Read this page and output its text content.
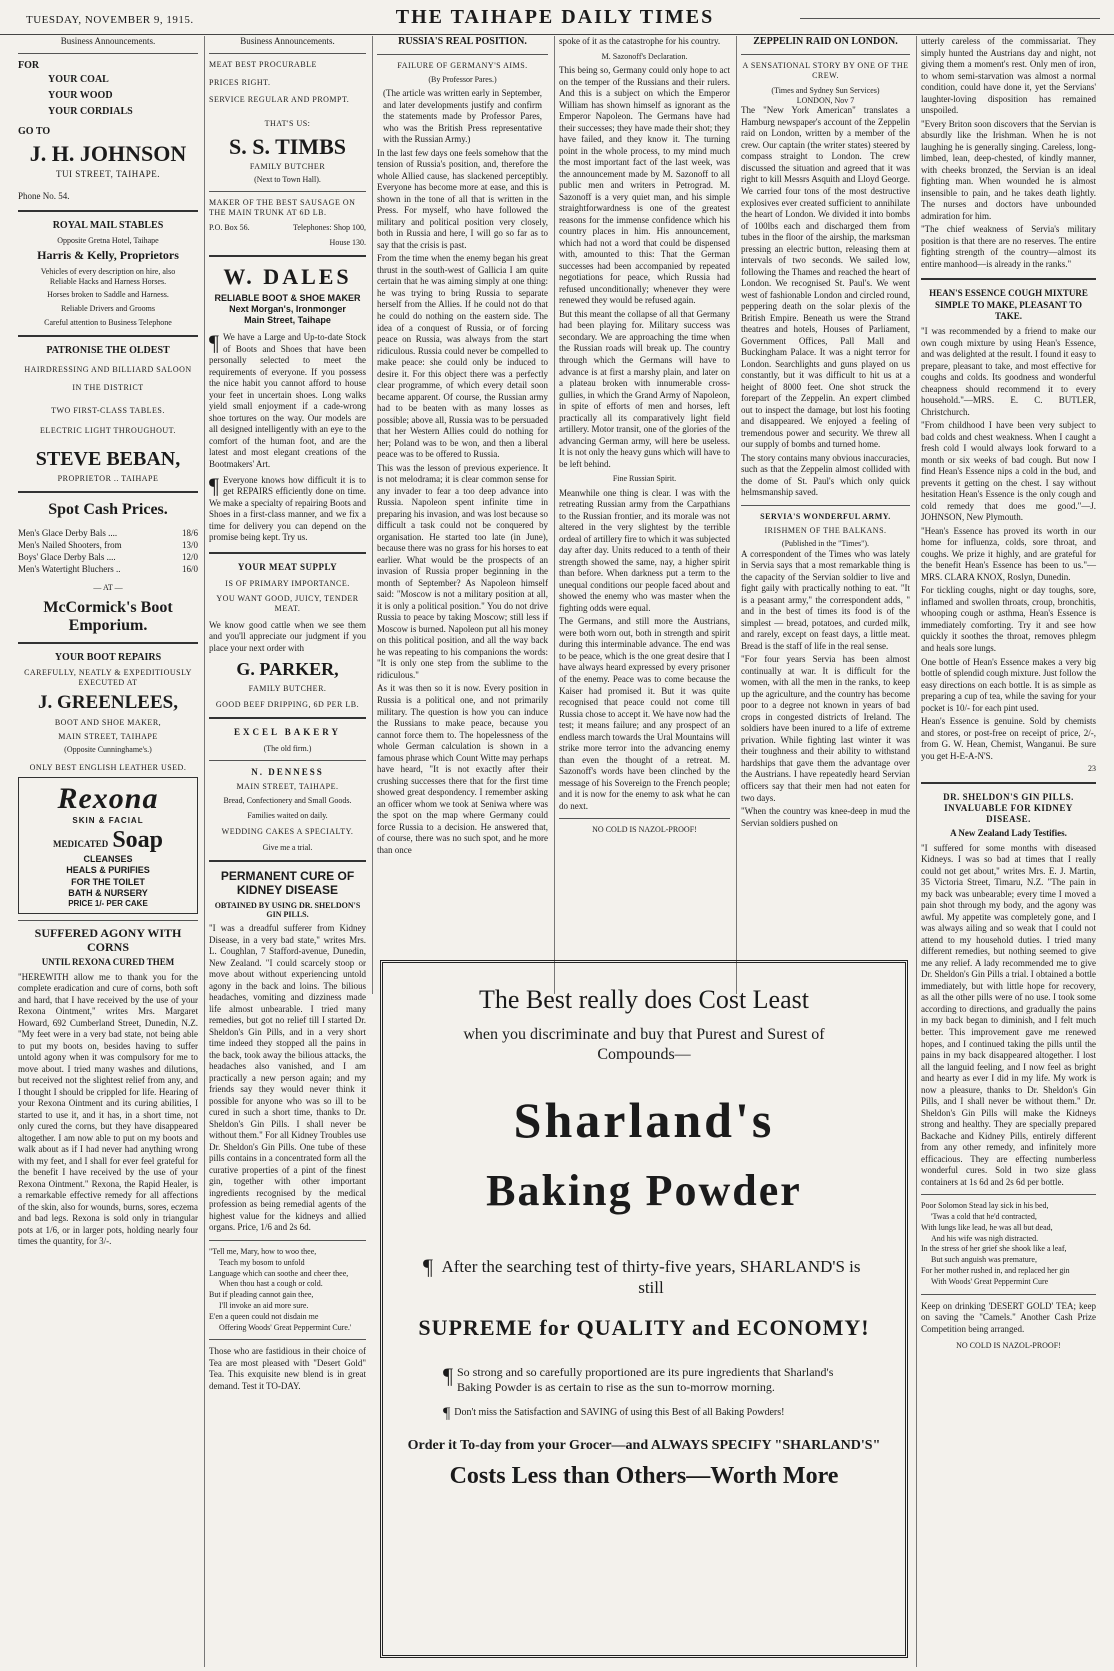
TUESDAY, NOVEMBER 9, 1915.	THE TAIHAPE DAILY TIMES
Business Announcements.
FOR
YOUR COAL
YOUR WOOD
YOUR CORDIALS
GO TO
J. H. JOHNSON
TUI STREET, TAIHAPE.
Phone No. 54.
ROYAL MAIL STABLES
Opposite Gretna Hotel, Taihape
Harris & Kelly, Proprietors
Vehicles of every description on hire, also
Reliable Hacks and Harness Horses.
Horses broken to Saddle and Harness.
Reliable Drivers and Grooms
Careful attention to Business Telephone
PATRONISE THE OLDEST
HAIRDRESSING AND BILLIARD SALOON
IN THE DISTRICT
TWO FIRST-CLASS TABLES.
ELECTRIC LIGHT THROUGHOUT.
STEVE BEBAN,
PROPRIETOR .. TAIHAPE
Spot Cash Prices.
Men's Glace Derby Bals ....	18/6
Men's Nailed Shooters, from	13/0
Boys' Glace Derby Bals ....	12/0
Men's Watertight Bluchers ..	16/0
— AT —
McCormick's Boot Emporium.
YOUR BOOT REPAIRS
CAREFULLY, NEATLY & EXPEDITIOUSLY EXECUTED AT
J. GREENLEES,
BOOT AND SHOE MAKER,
MAIN STREET, TAIHAPE
(Opposite Cunninghame's.)
ONLY BEST ENGLISH LEATHER USED.
Rexona
SKIN & FACIAL
MEDICATED Soap
CLEANSES
HEALS & PURIFIES
FOR THE TOILET
BATH & NURSERY
PRICE 1/- PER CAKE
SUFFERED AGONY WITH CORNS
UNTIL REXONA CURED THEM

"HEREWITH allow me to thank you for the complete eradication and cure of corns, both soft and hard, that I have received by the use of your Rexona Ointment," writes Mrs. Margaret Howard, 692 Cumberland Street, Dunedin, N.Z. "My feet were in a very bad state, not being able to put my boots on, besides having to suffer untold agony when it was compulsory for me to move about. I tried many washes and dilutions, but received not the slightest relief from any, and I thought I should be crippled for life. Hearing of your Rexona Ointment and its curing abilities, I started to use it, and it has, in a short time, not only cured the corns, but they have disappeared altogether. I am now able to put on my boots and walk about as if I had never had anything wrong with my feet, and I shall for ever feel grateful for the benefit I have received by the use of your Rexona Ointment." Rexona, the Rapid Healer, is a remarkable effective remedy for all affections of the skin, also for wounds, burns, sores, eczema and bad legs. Rexona is sold only in triangular pots at 1/6, or in larger pots, holding nearly four times the quantity, for 3/-.

Business Announcements.
MEAT BEST PROCURABLE
PRICES RIGHT.
SERVICE REGULAR AND PROMPT.
THAT'S US:
S. S. TIMBS
FAMILY BUTCHER
(Next to Town Hall).
MAKER OF THE BEST SAUSAGE ON THE MAIN TRUNK AT 6D LB.
P.O. Box 56.	Telephones: Shop 100,
House 130.
W. DALES
RELIABLE BOOT & SHOE MAKER
Next Morgan's, Ironmonger
Main Street, Taihape

¶ We have a Large and Up-to-date Stock of Boots and Shoes that have been personally selected to meet the requirements of everyone. If you possess the nice habit you cannot afford to house your feet in uncertain shoes. Long walks yield small enjoyment if a cade-wrong shoe tortures on the way. Our models are all designed intelligently with an eye to the comfort of the human foot, and are the latest and most elegant creations of the Bootmakers' Art.

¶ Everyone knows how difficult it is to get REPAIRS efficiently done on time. We make a specialty of repairing Boots and Shoes in a first-class manner, and we fix a time for delivery you can depend on the promise being kept. Try us.

YOUR MEAT SUPPLY
IS OF PRIMARY IMPORTANCE.
YOU WANT GOOD, JUICY, TENDER MEAT.

We know good cattle when we see them and you'll appreciate our judgment if you place your next order with

G. PARKER,
FAMILY BUTCHER.
GOOD BEEF DRIPPING, 6D PER LB.
EXCEL BAKERY
(The old firm.)
N. DENNESS
MAIN STREET, TAIHAPE.
Bread, Confectionery and Small Goods.
Families waited on daily.
WEDDING CAKES A SPECIALTY.
Give me a trial.
PERMANENT CURE OF KIDNEY DISEASE
OBTAINED BY USING DR. SHELDON'S GIN PILLS.

"I was a dreadful sufferer from Kidney Disease, in a very bad state," writes Mrs. L. Coughlan, 7 Stafford-avenue, Dunedin, New Zealand. "I could scarcely stoop or move about without experiencing untold agony in the back and loins. The bilious headaches, vomiting and dizziness made life almost unbearable. I tried many remedies, but got no relief till I started Dr. Sheldon's Gin Pills, and in a very short time indeed they stopped all the pains in the back, took away the bilious attacks, the headaches also vanished, and I am practically a new person again; and my friends say they would never think it possible for anyone who was so ill to be cured in such a short time, thanks to Dr. Sheldon's Gin Pills. I shall never be without them." For all Kidney Troubles use Dr. Sheldon's Gin Pills. One tube of these pills contains in a concentrated form all the curative properties of a pint of the finest gin, together with other important ingredients recognised by the medical profession as being remedial agents of the highest value for the kidneys and allied organs. Price, 1/6 and 2s 6d.

"Tell me, Mary, how to woo thee,
Teach my bosom to unfold
Language which can soothe and cheer thee,
When thou hast a cough or cold.
But if pleading cannot gain thee,
I'll invoke an aid more sure.
E'en a queen could not disdain me
Offering Woods' Great Peppermint Cure.'

Those who are fastidious in their choice of Tea are most pleased with "Desert Gold" Tea. This exquisite new blend is in great demand. Test it TO-DAY.

RUSSIA'S REAL POSITION.
FAILURE OF GERMANY'S AIMS.
(By Professor Pares.)

(The article was written early in September, and later developments justify and confirm the statements made by Professor Pares, who was the British Press representative with the Russian Army.)

In the last few days one feels somehow that the tension of Russia's position, and, therefore the whole Allied cause, has slackened perceptibly. Everyone has become more at ease, and this is shown in the tone of all that is written in the Press. For myself, who have followed the military and political position very closely, both in Russia and here, I will go so far as to say that the crisis is past.

From the time when the enemy began his great thrust in the south-west of Gallicia I am quite certain that he was aiming simply at one thing: he was trying to bring Russia to separate herself from the Allies. If he could not do that he could do nothing on the eastern side. The idea of a conquest of Russia, or of forcing peace on Russia, was always from the start ridiculous. Russia could never be compelled to make peace: she could only be induced to desire it. For this object there was a perfectly clear programme, of which every detail soon became apparent. Of course, the Russian army had to be beaten with as many losses as possible; above all, Russia was to be persuaded that her Western Allies could do nothing for her; Poland was to be won, and then a liberal peace was to be offered to Russia.

This was the lesson of previous experience. It is not melodrama; it is clear common sense for any invader to fear a too deep advance into Russia. Napoleon spent infinite time in preparing his invasion, and was lost because so difficult a task could not be conquered by organisation. He started too late (in June), because there was no grass for his horses to eat earlier. What would be the prospects of an invasion of Russia proper beginning in the month of September? As Napoleon himself said: "Moscow is not a military position at all, it is only a political position." You do not drive Russia to peace by taking Moscow; still less if Moscow is burned. Napoleon put all his money on this political position, and all the way back he was repeating to his companions the words: "It is only one step from the sublime to the ridiculous."

As it was then so it is now. Every position in Russia is a political one, and not primarily military. The question is how you can induce the Russians to make peace, because you cannot force them to. The hopelessness of the whole German calculation is shown in a famous phrase which Count Witte may perhaps have heard, "It is not exactly after their crushing successes there that for the first time showed great despondency. I remember asking an officer whom we took at Seniwa where was the spot on the map where Germany could force Russia to a decision. He answered that, of course, there was no such spot, and he more than once

spoke of it as the catastrophe for his country.

M. Sazonoff's Declaration.

This being so, Germany could only hope to act on the temper of the Russians and their rulers. And this is a subject on which the Emperor William has shown himself as ignorant as the Emperor Napoleon. The Germans have had their successes; they have made their shot; they have failed, and they know it. The turning point in the whole process, to my mind much the most important fact of the last week, was the announcement made by M. Sazonoff to all public men and writers in Petrograd. M. Sazonoff is a very quiet man, and his simple straightforwardness is one of the greatest reasons for the immense confidence which his country places in him. His announcement, which had not a word that could be dispensed with, amounted to this: That the German successes had been accompanied by repeated negotiations for peace, which Russia had refused unconditionally; whenever they were renewed they would be refused again.

But this meant the collapse of all that Germany had been playing for. Military success was secondary. We are approaching the time when the Russian roads will break up. The country through which the Germans will have to advance is at first a marshy plain, and later on a plateau broken with innumerable cross-gullies, in which the Grand Army of Napoleon, in spite of efforts of men and horses, left practically all its comparatively light field artillery. Motor transit, one of the glories of the advancing German army, will here be useless. It is not only the heavy guns which will have to be left behind.

Fine Russian Spirit.

Meanwhile one thing is clear. I was with the retreating Russian army from the Carpathians to the Russian frontier, and its morale was not altered in the very slightest by the terrible ordeal of artillery fire to which it was subjected day after day. Units reduced to a tenth of their strength showed the same, nay, a higher spirit than before. When darkness put a term to the unequal conditions our people faced about and showed the enemy who was master when the fighting odds were equal.

The Germans, and still more the Austrians, were both worn out, both in strength and spirit during this interminable advance. The end was to be peace, which is the one great desire that I have always heard expressed by every prisoner of the enemy. Peace was to come because the Kaiser had promised it. But it was quite recognised that peace could not come till Russia chose to accept it. We have now had the test; it means failure; and any prospect of an endless march towards the Ural Mountains will strike more terror into the advancing enemy than even the thought of a retreat. M. Sazonoff's words have been clinched by the message of his Sovereign to the French people; and it is now for the enemy to ask what he can do next.

NO COLD IS NAZOL-PROOF!
ZEPPELIN RAID ON LONDON.
A SENSATIONAL STORY BY ONE OF THE CREW.
(Times and Sydney Sun Services)
LONDON, Nov 7

The "New York American" translates a Hamburg newspaper's account of the Zeppelin raid on London, written by a member of the crew. Our captain (the writer states) steered by compass straight to London. The crew discussed the situation and agreed that it was right to kill Messrs Asquith and Lloyd George. We carried four tons of the most destructive explosives ever created sufficient to annihilate the heart of London. We divided it into bombs of 100lbs each and discharged them from tubes in the floor of the airship, the marksman pressing an electric button, releasing them at intervals of two seconds. We sailed low, following the Thames and reached the heart of London. We recognised St. Paul's. We went west of fashionable London and circled round, peppering death on the solar plexis of the British Empire. Beneath us were the Strand theatres and hotels, Houses of Parliament, Government Offices, Pall Mall and Buckingham Palace. It was a night terror for London. Searchlights and guns played on us constantly, but it was difficult to hit us at a height of 8000 feet. One shot struck the forepart of the Zeppelin. An expert climbed out to inspect the damage, but lost his footing and disappeared. We enjoyed a feeling of tremendous power and security. We threw all our supply of bombs and turned home.

The story contains many obvious inaccuracies, such as that the Zeppelin almost collided with the dome of St. Paul's which only quick helmsmanship saved.

SERVIA'S WONDERFUL ARMY.
IRISHMEN OF THE BALKANS.
(Published in the "Times").

A correspondent of the Times who was lately in Servia says that a most remarkable thing is the capacity of the Servian soldier to live and fight gaily with practically nothing to eat. "It is a peasant army," the correspondent adds, " and in the best of times its food is of the simplest — bread, potatoes, and curded milk, and rarely, except on feast days, a little meat. Bread is the staff of life in the real sense.

"For four years Servia has been almost continually at war. It is difficult for the women, with all the men in the ranks, to keep up the agriculture, and the country has become poor to a degree not known in years of bad crops in congested districts of Ireland. The soldiers have been inured to a life of extreme privation. While fighting last winter it was their toughness and their ability to withstand hardships that gave them the advantage over the Austrians. I have repeatedly heard Servian officers say that their men had not eaten for two days.

"When the country was knee-deep in mud the Servian soldiers pushed on

utterly careless of the commissariat. They simply hunted the Austrians day and night, not giving them a moment's rest. Only men of iron, to whom semi-starvation was almost a normal condition, could have done it, yet the Servians' laughter-loving disposition has remained unspoiled.

"Every Briton soon discovers that the Servian is absurdly like the Irishman. When he is not laughing he is generally singing. Careless, long-limbed, lean, deep-chested, of kindly manner, with cheeks bronzed, the Servian is an ideal fighting man. When wounded he is almost insensible to pain, and he takes death lightly. The nurses and doctors have unbounded admiration for him.

"The chief weakness of Servia's military position is that there are no reserves. The entire fighting strength of the country—almost its entire manhood—is already in the ranks."

HEAN'S ESSENCE COUGH MIXTURE SIMPLE TO MAKE, PLEASANT TO TAKE.

"I was recommended by a friend to make our own cough mixture by using Hean's Essence, and was delighted at the result. I found it easy to prepare, pleasant to take, and most effective for coughs and colds. Its goodness and wonderful cheapness should recommend it to every household."—MRS. E. C. BUTLER, Christchurch.

"From childhood I have been very subject to bad colds and chest weakness. When I caught a fresh cold I would always look forward to a month or six weeks of bad cough. But now I find Hean's Essence nips a cold in the bud, and prevents it getting on the chest. I say without hesitation Hean's Essence is the only cough and cold remedy that does me good."—J. JOHNSON, New Plymouth.

"Hean's Essence has proved its worth in our home for influenza, colds, sore throat, and coughs. We prize it highly, and are grateful for the benefit Hean's Essence has been to us."—MRS. CLARA KNOX, Roslyn, Dunedin.

For tickling coughs, night or day toughs, sore, inflamed and swollen throats, croup, bronchitis, whooping cough or asthma, Hean's Essence is immediately comforting. Try it and see how quickly it soothes the throat, removes phlegm and heals sore lungs.

One bottle of Hean's Essence makes a very big bottle of splendid cough mixture. Just follow the easy directions on each bottle. It is as simple as preparing a cup of tea, while the saving for your pocket is 10/- for each pint used.

Hean's Essence is genuine. Sold by chemists and stores, or post-free on receipt of price, 2/-, from G. W. Hean, Chemist, Wanganui. Be sure you get H-E-A-N'S.

23
DR. SHELDON'S GIN PILLS. INVALUABLE FOR KIDNEY DISEASE.
A New Zealand Lady Testifies.

"I suffered for some months with diseased Kidneys. I was so bad at times that I really could not get about," writes Mrs. E. J. Martin, 35 Victoria Street, Timaru, N.Z. "The pain in my back was unbearable; every time I moved a pain shot through my body, and the agony was awful. My appetite was completely gone, and I was always ailing and so weak that I could not attend to my household duties. I tried many different remedies, but nothing seemed to give me any relief. A lady recommended me to give Dr. Sheldon's Gin Pills a trial. I obtained a bottle immediately, but with little hope for recovery, as all the other pills were of no use. I took some according to directions, and gradually the pains in my back began to diminish, and I felt much better. This improvement gave me renewed hopes, and I continued taking the pills until the pains in my back disappeared altogether. I lost all the languid feeling, and I now feel as bright and hearty as ever I did in my life. My work is now a pleasure, thanks to Dr. Sheldon's Gin Pills, and I shall never be without them." Dr. Sheldon's Gin Pills will make the Kidneys strong and healthy. They are specially prepared Backache and Kidney Pills, entirely different from any other remedy, and infinitely more efficacious. They are effecting numberless wonderful cures. Sold in two size glass containers at 1s 6d and 2s 6d per bottle.

Poor Solomon Stead lay sick in his bed,
'Twas a cold that he'd contracted,
With lungs like lead, he was all but dead,
And his wife was nigh distracted.
In the stress of her grief she shook like a leaf,
But such anguish was premature,
For her mother rushed in, and replaced her gin
With Woods' Great Peppermint Cure

Keep on drinking 'DESERT GOLD' TEA; keep on saving the "Camels." Another Cash Prize Competition being arranged.

NO COLD IS NAZOL-PROOF!
The Best really does Cost Least
when you discriminate and buy that Purest and Surest of Compounds—
Sharland's
Baking Powder
¶ After the searching test of thirty-five years, SHARLAND'S is still
SUPREME for QUALITY and ECONOMY!
¶ So strong and so carefully proportioned are its pure ingredients that Sharland's Baking Powder is as certain to rise as the sun to-morrow morning.
¶ Don't miss the Satisfaction and SAVING of using this Best of all Baking Powders!
Order it To-day from your Grocer—and ALWAYS SPECIFY "SHARLAND'S"
Costs Less than Others—Worth More
